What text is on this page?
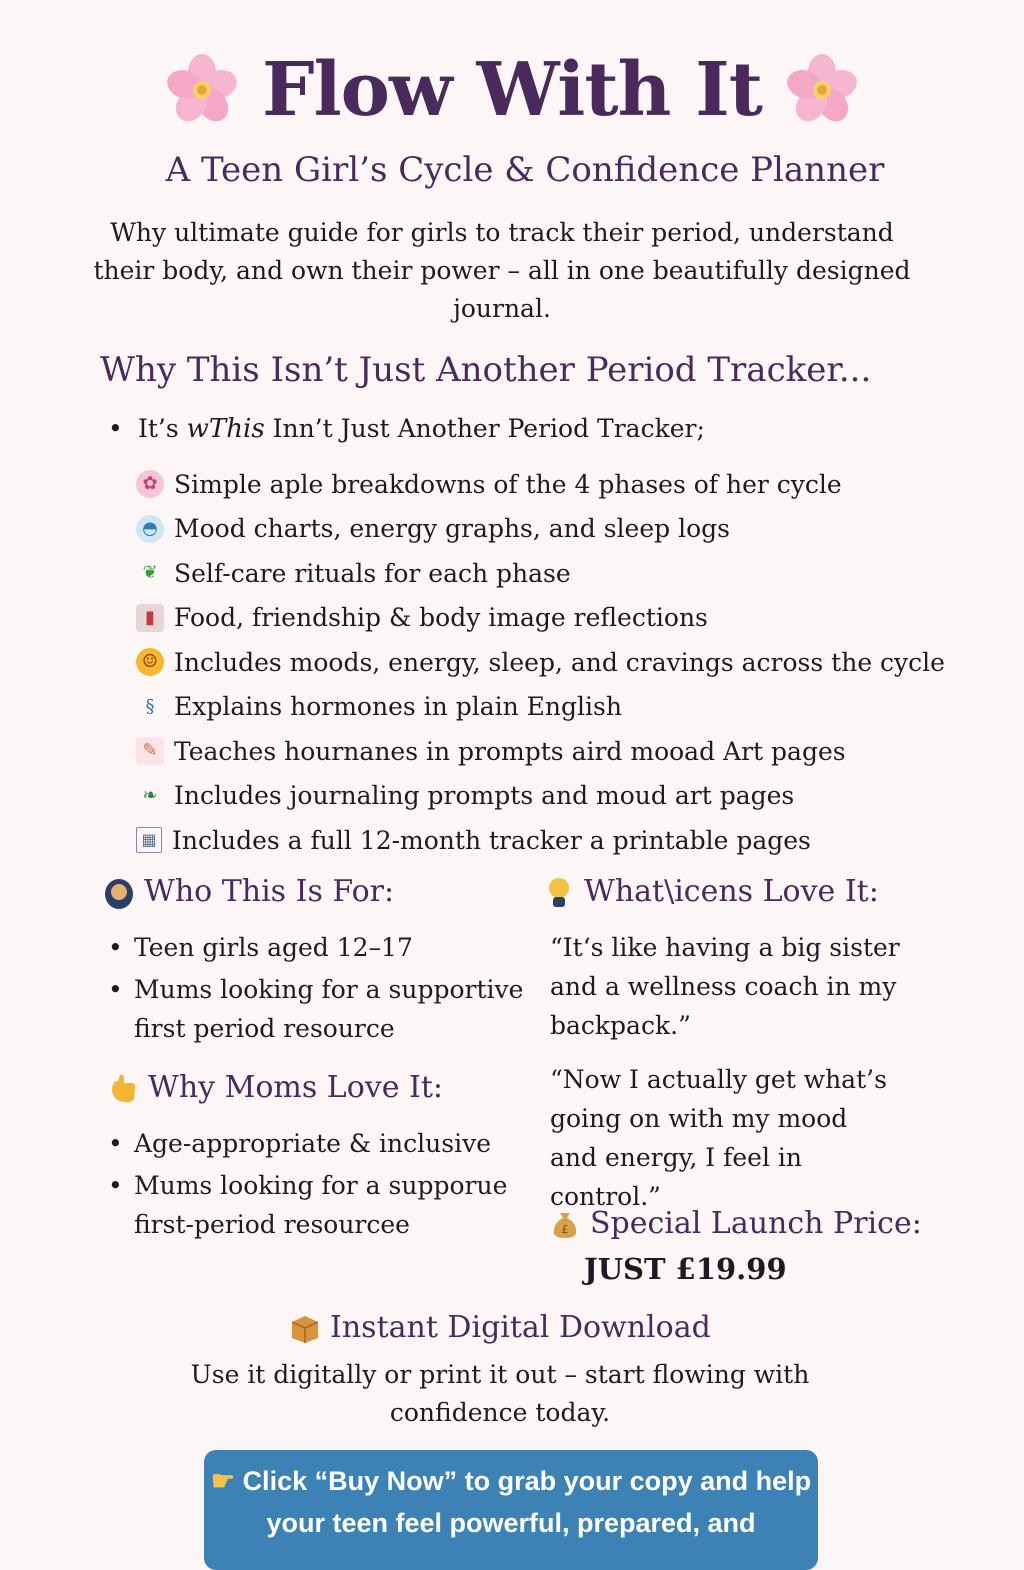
Flow With It
A Teen Girl’s Cycle & Confidence Planner
Why ultimate guide for girls to track their period, understand their body, and own their power – all in one beautifully designed journal.
Why This Isn’t Just Another Period Tracker...
• It’s wThis Inn’t Just Another Period Tracker;
✿ Simple aple breakdowns of the 4 phases of her cycle
◓ Mood charts, energy graphs, and sleep logs
❦ Self-care rituals for each phase
▮ Food, friendship & body image reflections
☺ Includes moods, energy, sleep, and cravings across the cycle
§ Explains hormones in plain English
✎ Teaches hournanes in prompts aird mooad Art pages
❧ Includes journaling prompts and moud art pages
▦ Includes a full 12-month tracker a printable pages
Who This Is For:
• Teen girls aged 12–17
• Mums looking for a supportive first period resource
Why Moms Love It:
• Age-appropriate & inclusive
• Mums looking for a supporue first-period resourcee
What\icens Love It:
“It‘s like having a big sister and a wellness coach in my backpack.”
“Now I actually get what’s going on with my mood and energy, I feel in control.”
£ Special Launch Price:
JUST £19.99
Instant Digital Download
Use it digitally or print it out – start flowing with confidence today.
☛ Click “Buy Now” to grab your copy and help your teen feel powerful, prepared, and
